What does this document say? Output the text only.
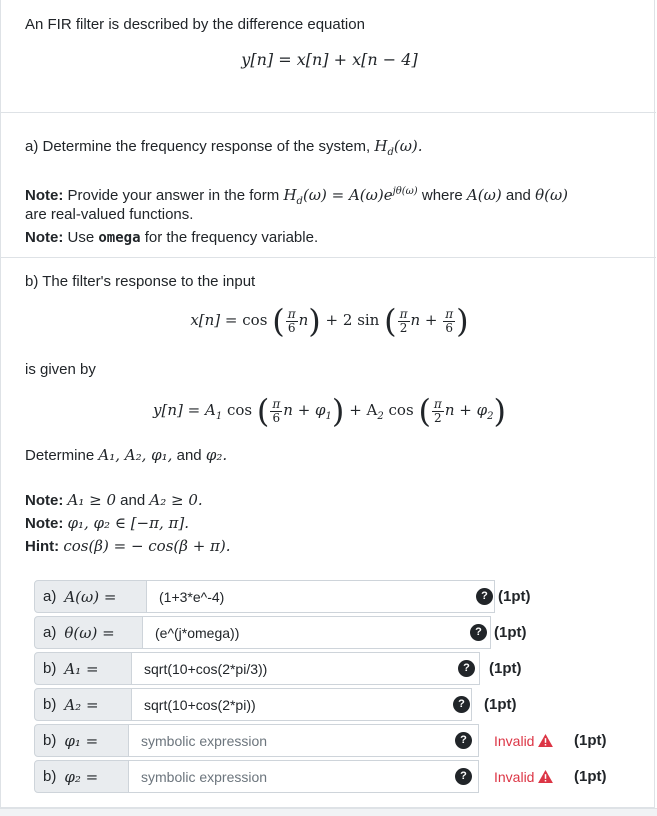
An FIR filter is described by the difference equation
y[n] = x[n] + x[n − 4]
a) Determine the frequency response of the system, $H_d(\omega)$.
Note: Provide your answer in the form $H_d(\omega) = A(\omega)e^{j\theta(\omega)}$ where A(ω) and θ(ω)
are real-valued functions.
Note: Use omega for the frequency variable.
b) The filter's response to the input
x[n] = cos ( $\frac{\pi}{6} n) + 2$ sin ( $\frac{\pi}{2}$ $n + \frac{\pi}{6}$ )
is given by
$y[n] = A_1$ cos ( $\frac{\pi}{6}$ $n + \varphi_1) + A_2$ cos ( $\frac{\pi}{2}$ $n + \varphi_2$)
Determine A₁, A₂, φ₁, and φ₂.
Note: A₁ ≥ 0 and A₂ ≥ 0.
Note: φ₁, φ₂ ∈ [−π, π].
Hint: cos(β) = − cos(β + π).
a) A(ω) =	(1+3*e^-4)	? (1pt)
a) θ(ω) =	(e^(j*omega))	? (1pt)
b) A₁ =	sqrt(10+cos(2*pi/3))	?	(1pt)
b) A₂ =	sqrt(10+cos(2*pi))	?	(1pt)
b) φ₁ =	symbolic expression	?	Invalid	(1pt)
b) φ₂ =	symbolic expression	?	Invalid	(1pt)
